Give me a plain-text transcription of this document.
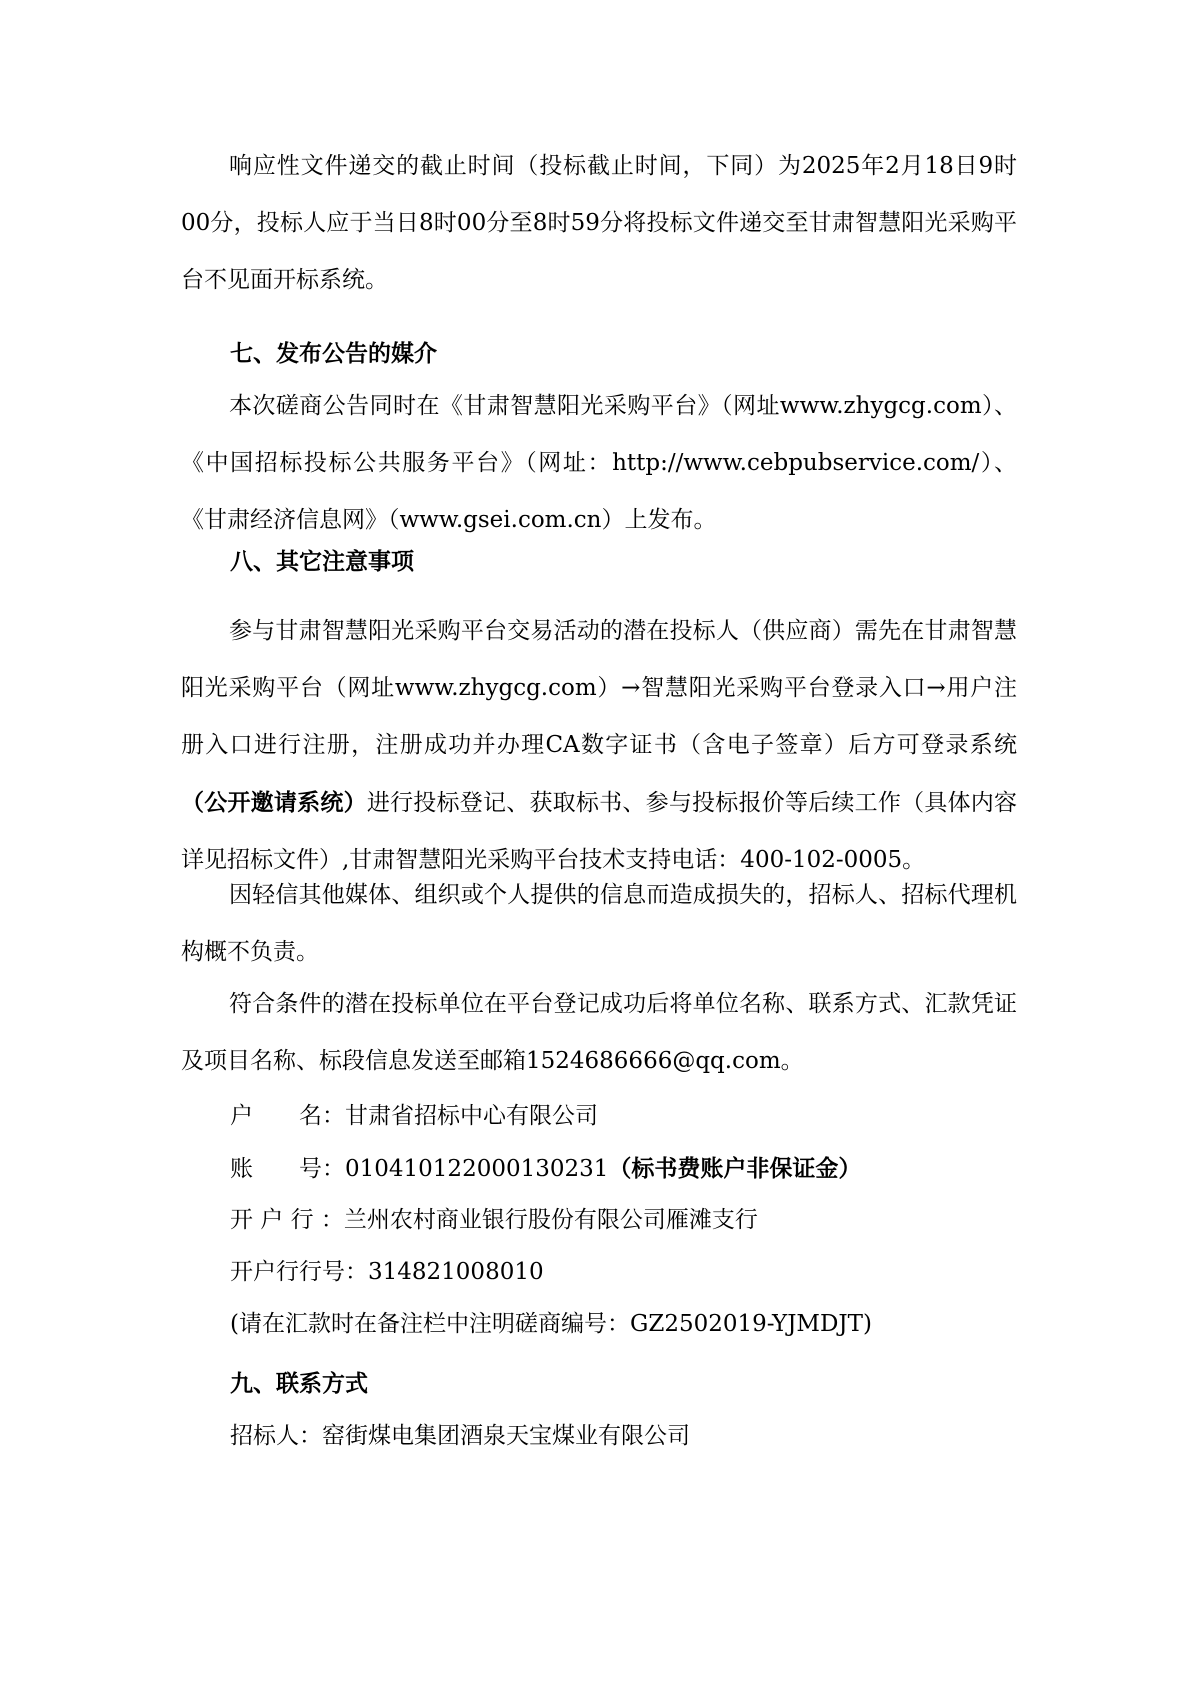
响应性文件递交的截止时间（投标截止时间，下同）为2025年2月18日9时00分，投标人应于当日8时00分至8时59分将投标文件递交至甘肃智慧阳光采购平台不见面开标系统。

七、发布公告的媒介

本次磋商公告同时在《甘肃智慧阳光采购平台》（网址www.zhygcg.com）、《中国招标投标公共服务平台》（网址：http://www.cebpubservice.com/）、《甘肃经济信息网》（www.gsei.com.cn）上发布。

八、其它注意事项

参与甘肃智慧阳光采购平台交易活动的潜在投标人（供应商）需先在甘肃智慧阳光采购平台（网址www.zhygcg.com）→智慧阳光采购平台登录入口→用户注册入口进行注册，注册成功并办理CA数字证书（含电子签章）后方可登录系统（公开邀请系统）进行投标登记、获取标书、参与投标报价等后续工作（具体内容详见招标文件）,甘肃智慧阳光采购平台技术支持电话：400-102-0005。

因轻信其他媒体、组织或个人提供的信息而造成损失的，招标人、招标代理机构概不负责。

符合条件的潜在投标单位在平台登记成功后将单位名称、联系方式、汇款凭证及项目名称、标段信息发送至邮箱1524686666@qq.com。

户　　名：甘肃省招标中心有限公司

账　　号：010410122000130231（标书费账户非保证金）

开 户 行 ：兰州农村商业银行股份有限公司雁滩支行

开户行行号：314821008010

(请在汇款时在备注栏中注明磋商编号：GZ2502019-YJMDJT)

九、联系方式

招标人：窑街煤电集团酒泉天宝煤业有限公司
